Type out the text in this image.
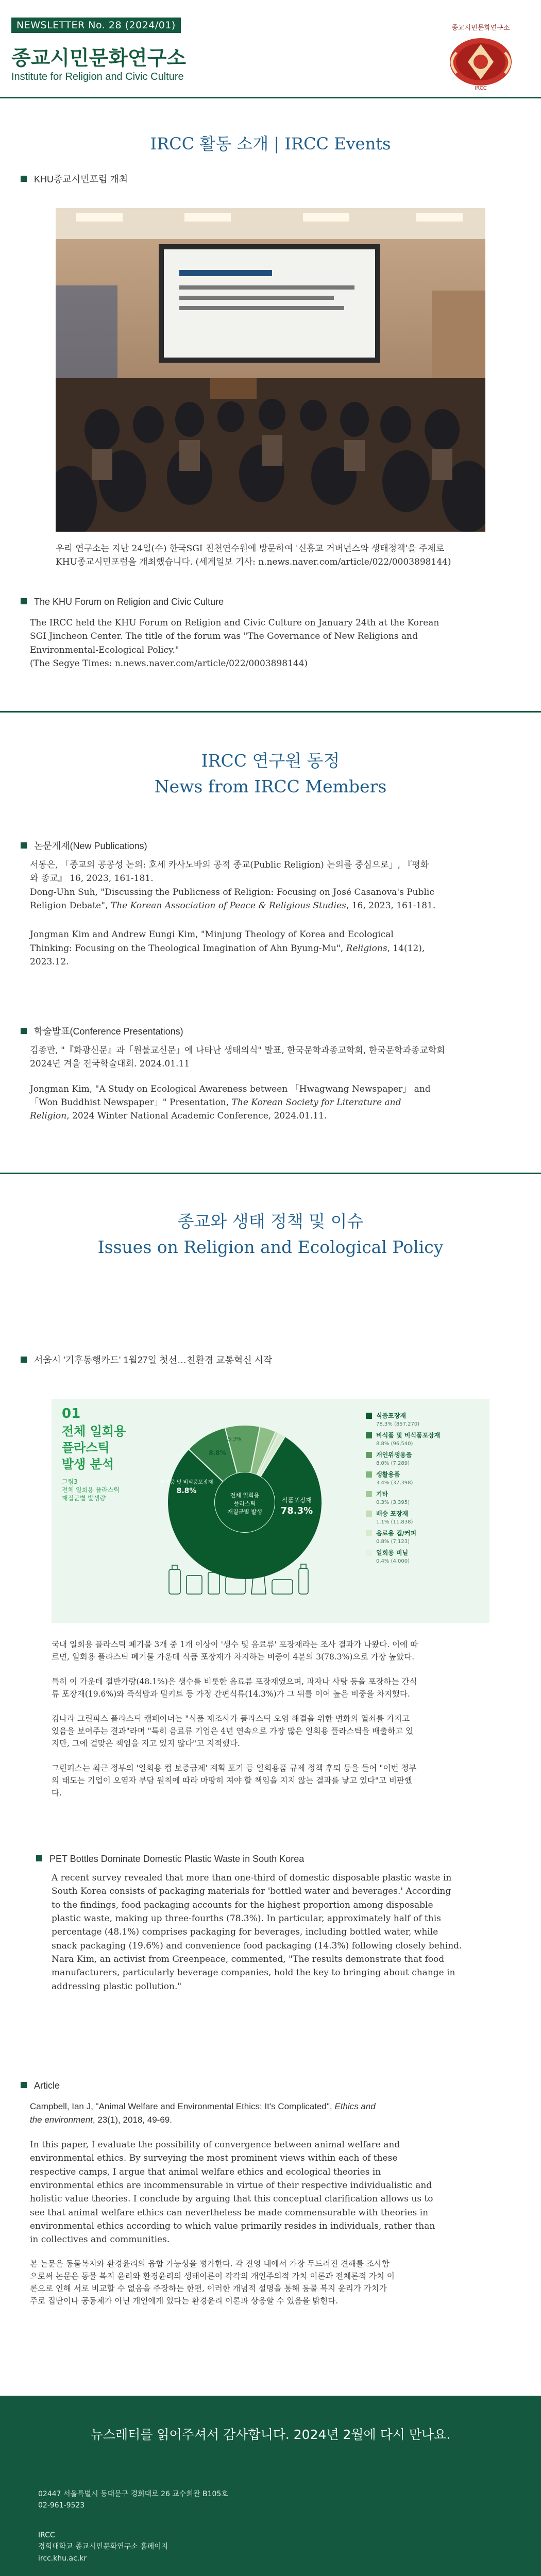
NEWSLETTER No. 28 (2024/01)
종교시민문화연구소
Institute for Religion and Civic Culture
종교시민문화연구소
IRCC
IRCC 활동 소개 | IRCC Events
KHU종교시민포럼 개최
우리 연구소는 지난 24일(수) 한국SGI 진천연수원에 방문하여 '신흥교 거버넌스와 생태정책'을 주제로
KHU종교시민포럼을 개최했습니다. (세계일보 기사: n.news.naver.com/article/022/0003898144)
The KHU Forum on Religion and Civic Culture
The IRCC held the KHU Forum on Religion and Civic Culture on January 24th at the Korean
SGI Jincheon Center. The title of the forum was "The Governance of New Religions and
Environmental-Ecological Policy."
(The Segye Times: n.news.naver.com/article/022/0003898144)
IRCC 연구원 동정
News from IRCC Members
논문게재(New Publications)
서동은, 「종교의 공공성 논의: 호세 카사노바의 공적 종교(Public Religion) 논의를 중심으로」, 『평화
와 종교』 16, 2023, 161-181.
Dong-Uhn Suh, "Discussing the Publicness of Religion: Focusing on José Casanova's Public
Religion Debate", The Korean Association of Peace & Religious Studies, 16, 2023, 161-181.
Jongman Kim and Andrew Eungi Kim, "Minjung Theology of Korea and Ecological
Thinking: Focusing on the Theological Imagination of Ahn Byung-Mu", Religions, 14(12),
2023.12.
학술발표(Conference Presentations)
김종만, "『화광신문』과「원불교신문」에 나타난 생태의식" 발표, 한국문학과종교학회, 한국문학과종교학회
2024년 겨울 전국학술대회. 2024.01.11
Jongman Kim, "A Study on Ecological Awareness between 「Hwagwang Newspaper」 and
「Won Buddhist Newspaper」" Presentation, The Korean Society for Literature and
Religion, 2024 Winter National Academic Conference, 2024.01.11.
종교와 생태 정책 및 이슈
Issues on Religion and Ecological Policy
서울시 '기후동행카드' 1월27일 첫선…친환경 교통혁신 시작
01
전체 일회용
플라스틱
발생 분석
그림3
전체 일회용 플라스틱
재질군별 발생량	전체 일회용
플라스틱
재질군별 발생
식품포장재
78.3%
비식품 및 비식품포장재
8.8%
8.8%
5.3%
식품포장재
78.3% (857,270)
비식품 및 비식품포장재
8.8% (96,540)
개인위생용품
8.0% (7,289)
생활용품
3.4% (37,398)
기타
0.3% (3,395)
배송 포장재
1.1% (11,838)
음료용 컵/커피
0.8% (7,123)
일회용 비닐
0.4% (4,000)
국내 일회용 플라스틱 폐기물 3개 중 1개 이상이 '생수 및 음료류' 포장재라는 조사 결과가 나왔다. 이에 따
르면, 일회용 플라스틱 폐기물 가운데 식품 포장재가 차지하는 비중이 4분의 3(78.3%)으로 가장 높았다.
특히 이 가운데 절반가량(48.1%)은 생수를 비롯한 음료류 포장재였으며, 과자나 사탕 등을 포장하는 간식
류 포장재(19.6%)와 즉석밥과 밀키트 등 가정 간편식류(14.3%)가 그 뒤를 이어 높은 비중을 차지했다.
김나라 그린피스 플라스틱 캠페이너는 "식품 제조사가 플라스틱 오염 해결을 위한 변화의 열쇠를 가지고
있음을 보여주는 결과"라며 "특히 음료류 기업은 4년 연속으로 가장 많은 일회용 플라스틱을 배출하고 있
지만, 그에 걸맞은 책임을 지고 있지 않다"고 지적했다.
그린피스는 최근 정부의 '일회용 컵 보증금제' 계획 포기 등 일회용품 규제 정책 후퇴 등을 들어 "이번 정부
의 태도는 기업이 오염자 부담 원칙에 따라 마땅히 져야 할 책임을 지지 않는 결과를 낳고 있다"고 비판했
다.
PET Bottles Dominate Domestic Plastic Waste in South Korea
A recent survey revealed that more than one-third of domestic disposable plastic waste in
South Korea consists of packaging materials for 'bottled water and beverages.' According
to the findings, food packaging accounts for the highest proportion among disposable
plastic waste, making up three-fourths (78.3%). In particular, approximately half of this
percentage (48.1%) comprises packaging for beverages, including bottled water, while
snack packaging (19.6%) and convenience food packaging (14.3%) following closely behind.
Nara Kim, an activist from Greenpeace, commented, "The results demonstrate that food
manufacturers, particularly beverage companies, hold the key to bringing about change in
addressing plastic pollution."
Article
Campbell, Ian J, "Animal Welfare and Environmental Ethics: It's Complicated", Ethics and
the environment, 23(1), 2018, 49-69.
In this paper, I evaluate the possibility of convergence between animal welfare and
environmental ethics. By surveying the most prominent views within each of these
respective camps, I argue that animal welfare ethics and ecological theories in
environmental ethics are incommensurable in virtue of their respective individualistic and
holistic value theories. I conclude by arguing that this conceptual clarification allows us to
see that animal welfare ethics can nevertheless be made commensurable with theories in
environmental ethics according to which value primarily resides in individuals, rather than
in collectives and communities.
본 논문은 동물복지와 환경윤리의 융합 가능성을 평가한다. 각 진영 내에서 가장 두드러진 견해를 조사함
으로써 논문은 동물 복지 윤리와 환경윤리의 생태이론이 각각의 개인주의적 가치 이론과 전체론적 가치 이
론으로 인해 서로 비교할 수 없음을 주장하는 한편, 이러한 개념적 설명을 통해 동물 복지 윤리가 가치가
주로 집단이나 공동체가 아닌 개인에게 있다는 환경윤리 이론과 상응할 수 있음을 밝힌다.
뉴스레터를 읽어주셔서 감사합니다. 2024년 2월에 다시 만나요.
02447 서울특별시 동대문구 경희대로 26 교수회관 B105호
02-961-9523
IRCC
경희대학교 종교시민문화연구소 홈페이지
ircc.khu.ac.kr
